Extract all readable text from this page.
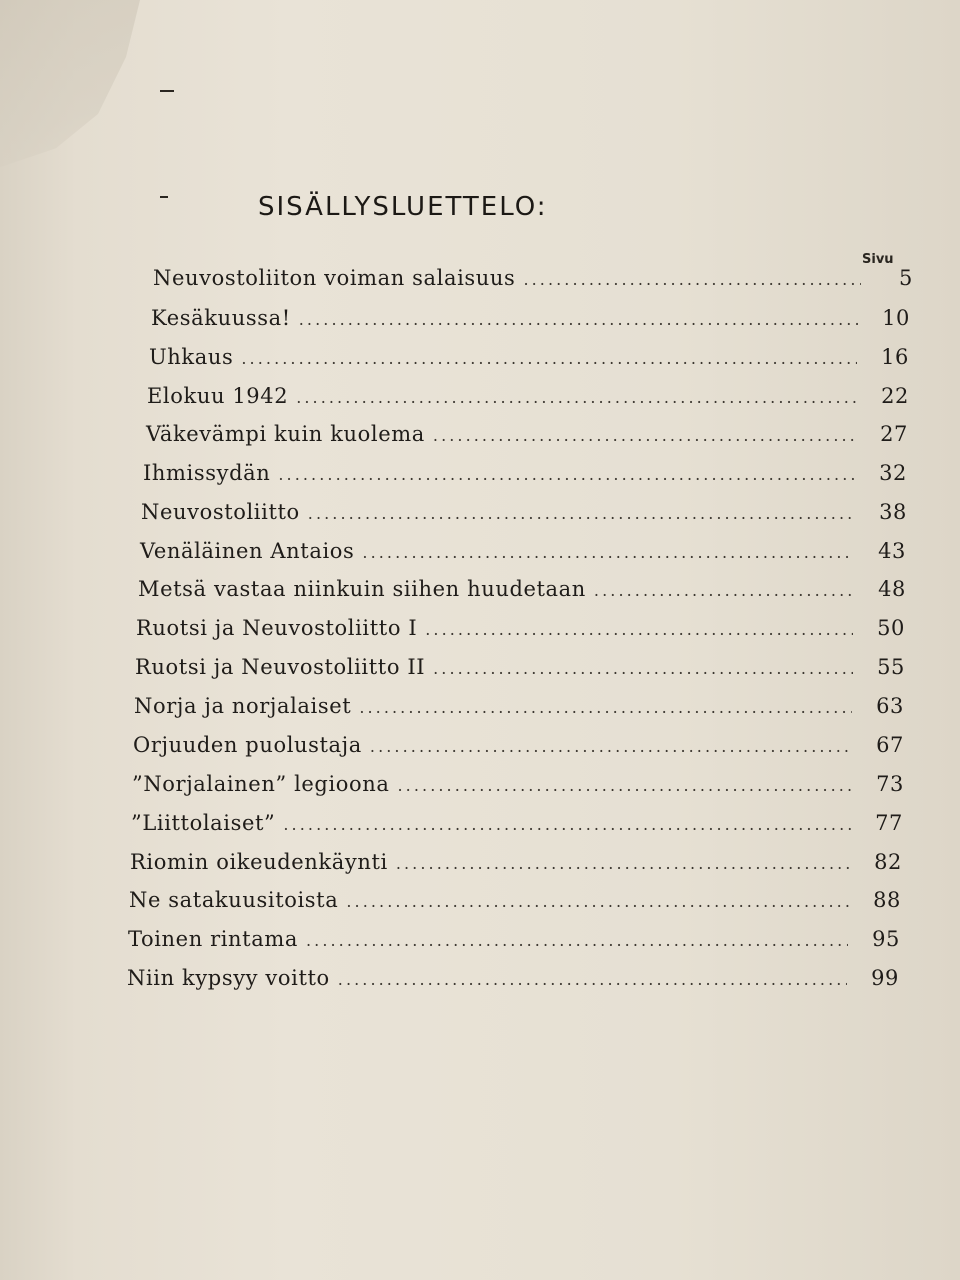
SISÄLLYSLUETTELO:
Sivu
Neuvostoliiton voiman salaisuus . . .	5
Kesäkuussa! . . .	10
Uhkaus . . .	16
Elokuu 1942 . . .	22
Väkevämpi kuin kuolema . . .	27
Ihmissydän . . .	32
Neuvostoliitto . . .	38
Venäläinen Antaios . . .	43
Metsä vastaa niinkuin siihen huudetaan . . .	48
Ruotsi ja Neuvostoliitto I . . .	50
Ruotsi ja Neuvostoliitto II . . .	55
Norja ja norjalaiset . . .	63
Orjuuden puolustaja . . .	67
”Norjalainen” legioona . . .	73
”Liittolaiset” . . .	77
Riomin oikeudenkäynti . . .	82
Ne satakuusitoista . . .	88
Toinen rintama . . .	95
Niin kypsyy voitto . . .	99
